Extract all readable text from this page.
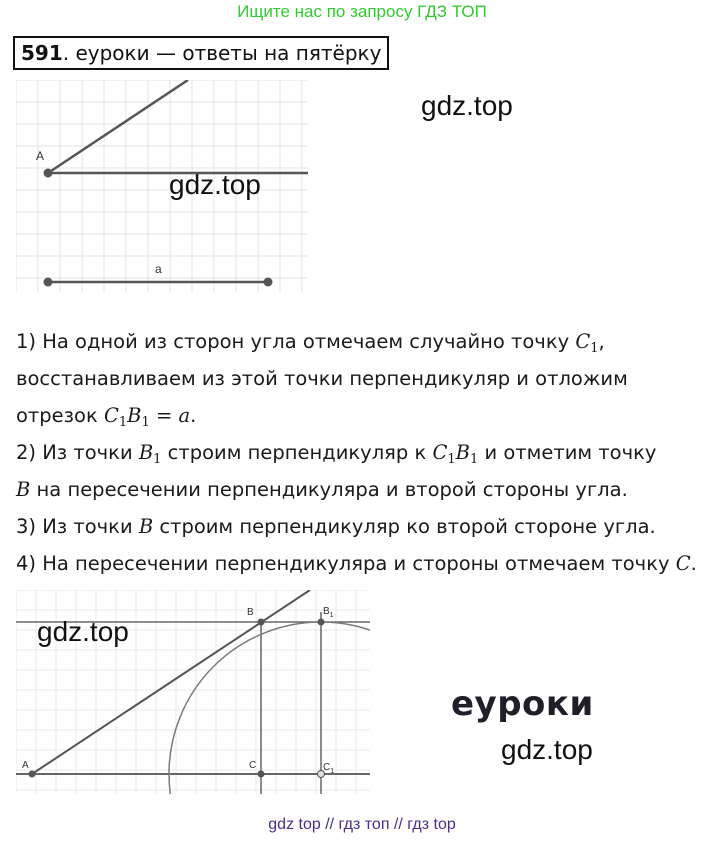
Ищите нас по запросу ГДЗ ТОП
591. еуроки — ответы на пятёрку
A
a
gdz.top
gdz.top

1) На одной из сторон угла отмечаем случайно точку $C_1$,

восстанавливаем из этой точки перпендикуляр и отложим

отрезок $C_1B_1 = a$.

2) Из точки $B_1$ строим перпендикуляр к $C_1B_1$ и отметим точку

B на пересечении перпендикуляра и второй стороны угла.

3) Из точки B строим перпендикуляр ко второй стороне угла.

4) На пересечении перпендикуляра и стороны отмечаем точку C.

A
B	$B_1$
C	$C_1$
gdz.top
еуроки
gdz.top
gdz top // гдз топ // гдз top
